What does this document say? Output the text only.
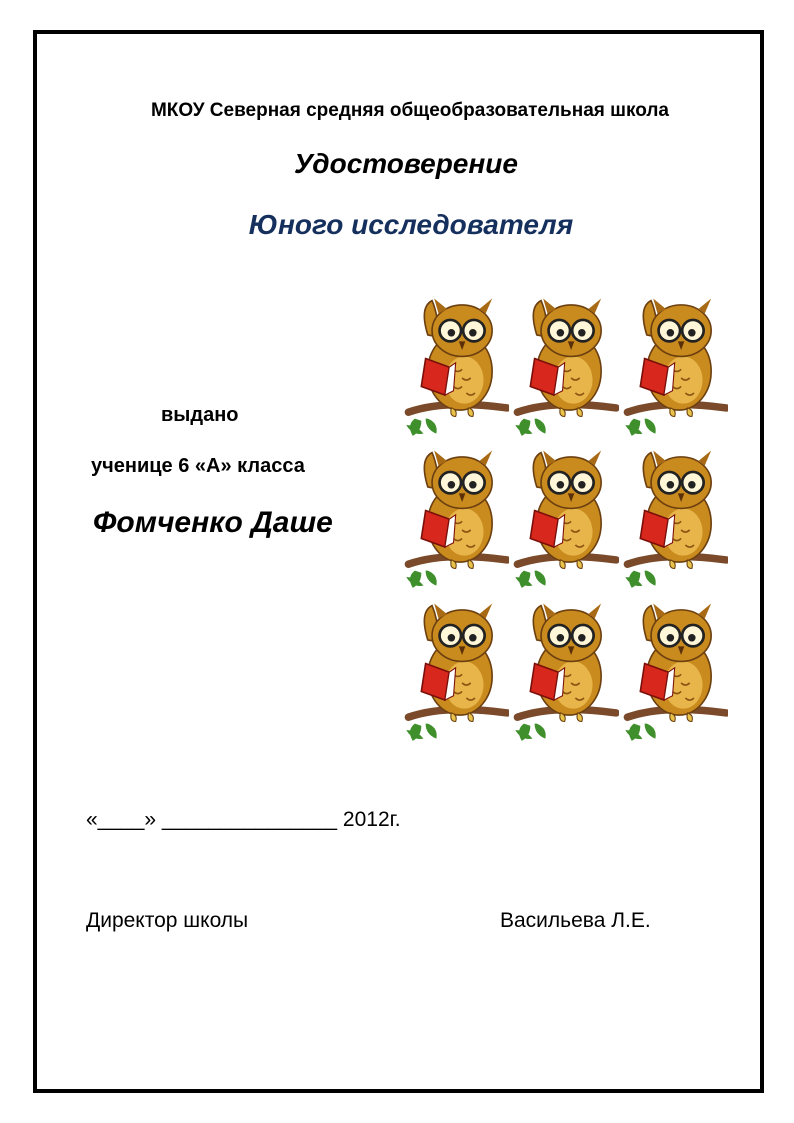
МКОУ Северная средняя общеобразовательная школа
Удостоверение
Юного исследователя
выдано
ученице 6 «А» класса
Фомченко Даше
«____» _______________ 2012г.
Директор школы	Васильева Л.Е.
